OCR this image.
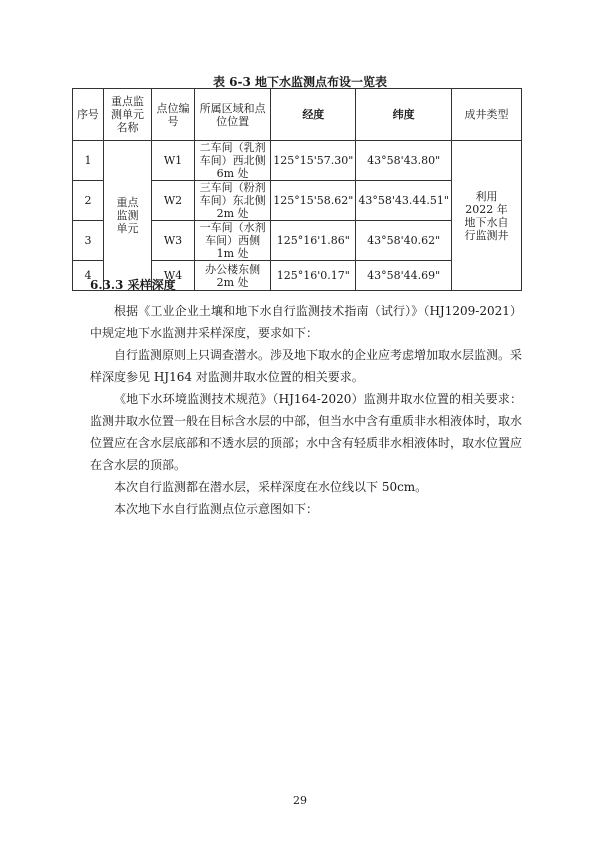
表 6-3 地下水监测点布设一览表
序号	重点监测单元名称	点位编号	所属区域和点位位置	经度	纬度	成井类型
1	重点监测单元	W1	二车间（乳剂车间）西北侧 6m 处	125°15'57.30"	43°58'43.80"	利用 2022 年地下水自行监测井
2		W2	三车间（粉剂车间）东北侧 2m 处	125°15'58.62"	43°58'43.44.51"	
3		W3	一车间（水剂车间）西侧 1m 处	125°16'1.86"	43°58'40.62"	
4		W4	办公楼东侧 2m 处	125°16'0.17"	43°58'44.69"	
6.3.3 采样深度
根据《工业企业土壤和地下水自行监测技术指南（试行）》（HJ1209-2021）中规定地下水监测井采样深度，要求如下：
自行监测原则上只调查潜水。涉及地下取水的企业应考虑增加取水层监测。采样深度参见 HJ164 对监测井取水位置的相关要求。
《地下水环境监测技术规范》（HJ164-2020）监测井取水位置的相关要求：监测井取水位置一般在目标含水层的中部，但当水中含有重质非水相液体时，取水位置应在含水层底部和不透水层的顶部；水中含有轻质非水相液体时，取水位置应在含水层的顶部。
本次自行监测都在潜水层，采样深度在水位线以下 50cm。
本次地下水自行监测点位示意图如下：
29
